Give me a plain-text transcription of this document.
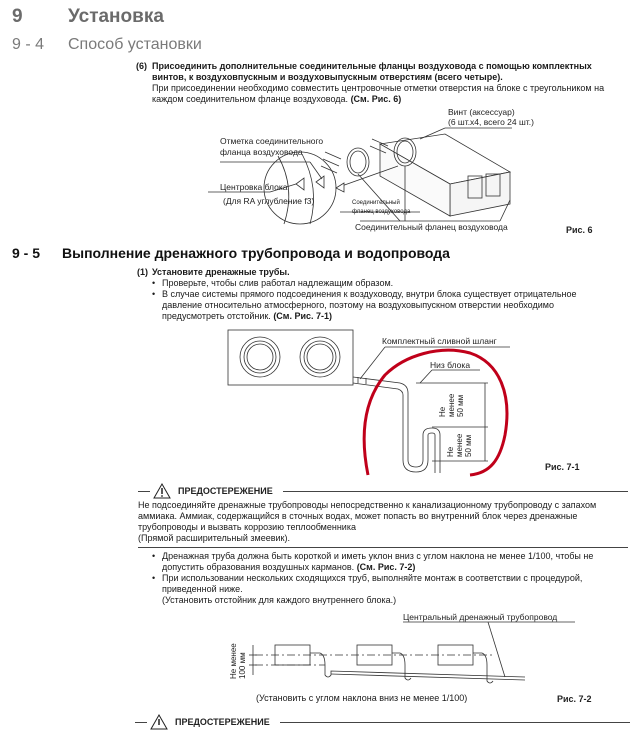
9 Установка
9 - 4 Способ установки
(6) Присоединить дополнительные соединительные фланцы воздуховода с помощью комплектных
винтов, к воздуховпускным и воздуховыпускным отверстиям (всего четыре).
При присоединении необходимо совместить центровочные отметки отверстия на блоке с треугольником на
каждом соединительном фланце воздуховода. (См. Рис. 6)
Винт (аксессуар)
(6 шт.x4, всего 24 шт.)
Отметка соединительного
фланца воздуховода
Центровка блока
(Для RA углубление f3)	Соединительный
фланец воздуховода
Соединительный фланец воздуховода	Рис. 6
9 - 5 Выполнение дренажного трубопровода и водопровода
(1) Установите дренажные трубы.
• Проверьте, чтобы слив работал надлежащим образом.
• В случае системы прямого подсоединения к воздуховоду, внутри блока существует отрицательное давление относительно атмосферного, поэтому на воздуховыпускном отверстии необходимо предусмотреть отстойник. (См. Рис. 7-1)
Комплектный сливной шланг
Низ блока
Не менее 50 мм
Не менее 50 мм
Рис. 7-1
ПРЕДОСТЕРЕЖЕНИЕ
Не подсоединяйте дренажные трубопроводы непосредственно к канализационному трубопроводу с запахом
аммиака. Аммиак, содержащийся в сточных водах, может попасть во внутренний блок через дренажные
трубопроводы и вызвать коррозию теплообменника
(Прямой расширительный змеевик).
• Дренажная труба должна быть короткой и иметь уклон вниз с углом наклона не менее 1/100, чтобы не
допустить образования воздушных карманов. (См. Рис. 7-2)
• При использовании нескольких сходящихся труб, выполняйте монтаж в соответствии с процедурой,
приведенной ниже.
(Установить отстойник для каждого внутреннего блока.)
Центральный дренажный трубопровод
Не менее 100 мм
(Установить с углом наклона вниз не менее 1/100)	Рис. 7-2
ПРЕДОСТЕРЕЖЕНИЕ
